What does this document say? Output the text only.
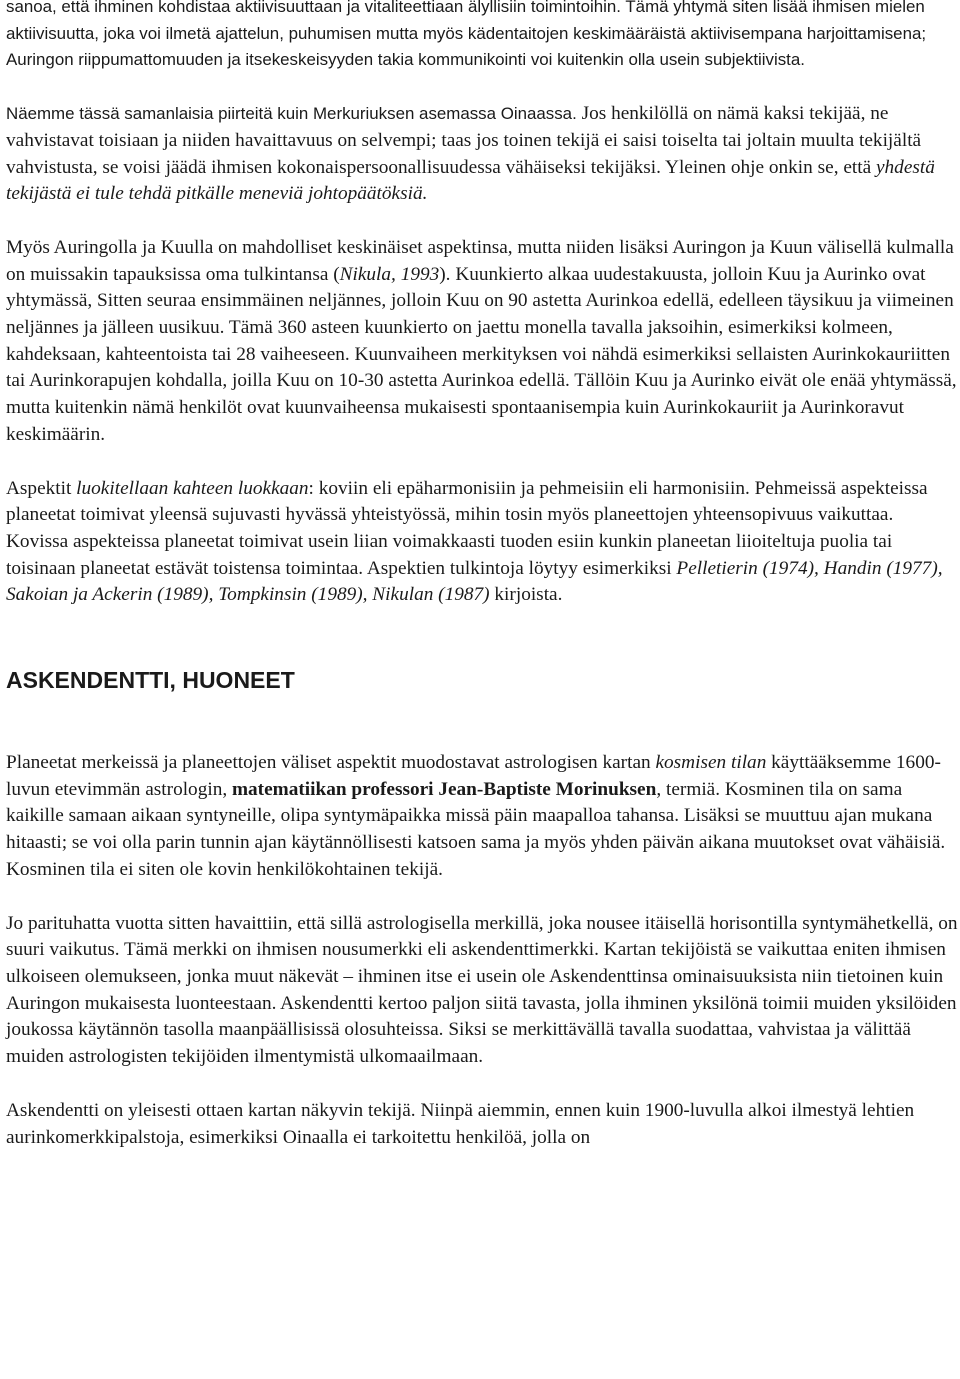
sanoa, että ihminen kohdistaa aktiivisuuttaan ja vitaliteettiaan älyllisiin toimintoihin. Tämä yhtymä siten lisää ihmisen mielen aktiivisuutta, joka voi ilmetä ajattelun, puhumisen mutta myös kädentaitojen keskimääräistä aktiivisempana harjoittamisena; Auringon riippumattomuuden ja itsekeskeisyyden takia kommunikointi voi kuitenkin olla usein subjektiivista.

Näemme tässä samanlaisia piirteitä kuin Merkuriuksen asemassa Oinaassa. Jos henkilöllä on nämä kaksi tekijää, ne vahvistavat toisiaan ja niiden havaittavuus on selvempi; taas jos toinen tekijä ei saisi toiselta tai joltain muulta tekijältä vahvistusta, se voisi jäädä ihmisen kokonaispersoonallisuudessa vähäiseksi tekijäksi. Yleinen ohje onkin se, että yhdestä tekijästä ei tule tehdä pitkälle meneviä johtopäätöksiä.

Myös Auringolla ja Kuulla on mahdolliset keskinäiset aspektinsa, mutta niiden lisäksi Auringon ja Kuun välisellä kulmalla on muissakin tapauksissa oma tulkintansa (Nikula, 1993). Kuunkierto alkaa uudestakuusta, jolloin Kuu ja Aurinko ovat yhtymässä, Sitten seuraa ensimmäinen neljännes, jolloin Kuu on 90 astetta Aurinkoa edellä, edelleen täysikuu ja viimeinen neljännes ja jälleen uusikuu. Tämä 360 asteen kuunkierto on jaettu monella tavalla jaksoihin, esimerkiksi kolmeen, kahdeksaan, kahteentoista tai 28 vaiheeseen. Kuunvaiheen merkityksen voi nähdä esimerkiksi sellaisten Aurinkokauriitten tai Aurinkorapujen kohdalla, joilla Kuu on 10-30 astetta Aurinkoa edellä. Tällöin Kuu ja Aurinko eivät ole enää yhtymässä, mutta kuitenkin nämä henkilöt ovat kuunvaiheensa mukaisesti spontaanisempia kuin Aurinkokauriit ja Aurinkoravut keskimäärin.

Aspektit luokitellaan kahteen luokkaan: koviin eli epäharmonisiin ja pehmeisiin eli harmonisiin. Pehmeissä aspekteissa planeetat toimivat yleensä sujuvasti hyvässä yhteistyössä, mihin tosin myös planeettojen yhteensopivuus vaikuttaa. Kovissa aspekteissa planeetat toimivat usein liian voimakkaasti tuoden esiin kunkin planeetan liioiteltuja puolia tai toisinaan planeetat estävät toistensa toimintaa. Aspektien tulkintoja löytyy esimerkiksi Pelletierin (1974), Handin (1977), Sakoian ja Ackerin (1989), Tompkinsin (1989), Nikulan (1987) kirjoista.

ASKENDENTTI, HUONEET

Planeetat merkeissä ja planeettojen väliset aspektit muodostavat astrologisen kartan kosmisen tilan käyttääksemme 1600-luvun etevimmän astrologin, matematiikan professori Jean-Baptiste Morinuksen, termiä. Kosminen tila on sama kaikille samaan aikaan syntyneille, olipa syntymäpaikka missä päin maapalloa tahansa. Lisäksi se muuttuu ajan mukana hitaasti; se voi olla parin tunnin ajan käytännöllisesti katsoen sama ja myös yhden päivän aikana muutokset ovat vähäisiä. Kosminen tila ei siten ole kovin henkilökohtainen tekijä.

Jo parituhatta vuotta sitten havaittiin, että sillä astrologisella merkillä, joka nousee itäisellä horisontilla syntymähetkellä, on suuri vaikutus. Tämä merkki on ihmisen nousumerkki eli askendenttimerkki. Kartan tekijöistä se vaikuttaa eniten ihmisen ulkoiseen olemukseen, jonka muut näkevät – ihminen itse ei usein ole Askendenttinsa ominaisuuksista niin tietoinen kuin Auringon mukaisesta luonteestaan. Askendentti kertoo paljon siitä tavasta, jolla ihminen yksilönä toimii muiden yksilöiden joukossa käytännön tasolla maanpäällisissä olosuhteissa. Siksi se merkittävällä tavalla suodattaa, vahvistaa ja välittää muiden astrologisten tekijöiden ilmentymistä ulkomaailmaan.

Askendentti on yleisesti ottaen kartan näkyvin tekijä. Niinpä aiemmin, ennen kuin 1900-luvulla alkoi ilmestyä lehtien aurinkomerkkipalstoja, esimerkiksi Oinaalla ei tarkoitettu henkilöä, jolla on
